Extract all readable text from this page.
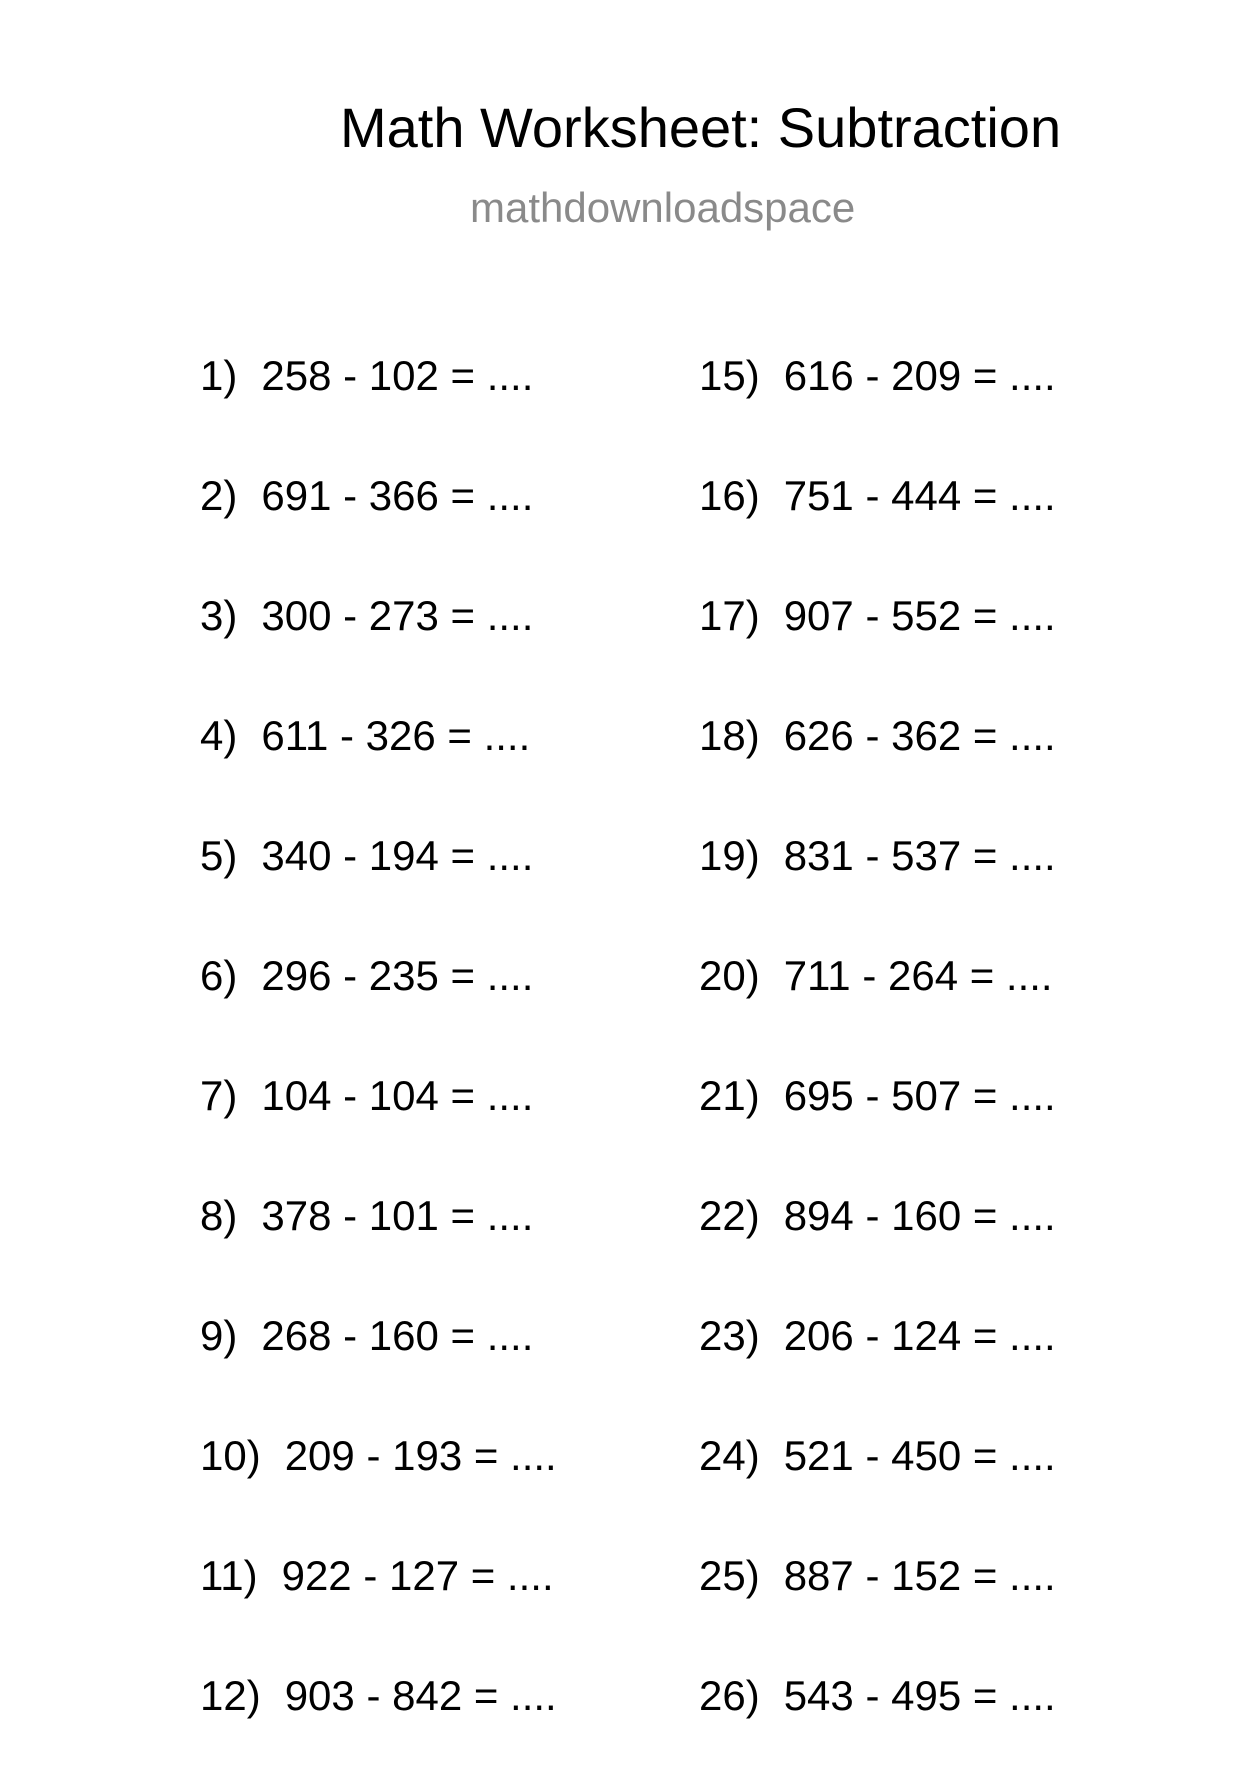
Math Worksheet: Subtraction
mathdownloadspace
1) 258 - 102 = ....
2) 691 - 366 = ....
3) 300 - 273 = ....
4) 611 - 326 = ....
5) 340 - 194 = ....
6) 296 - 235 = ....
7) 104 - 104 = ....
8) 378 - 101 = ....
9) 268 - 160 = ....
10) 209 - 193 = ....
11) 922 - 127 = ....
12) 903 - 842 = ....
15) 616 - 209 = ....
16) 751 - 444 = ....
17) 907 - 552 = ....
18) 626 - 362 = ....
19) 831 - 537 = ....
20) 711 - 264 = ....
21) 695 - 507 = ....
22) 894 - 160 = ....
23) 206 - 124 = ....
24) 521 - 450 = ....
25) 887 - 152 = ....
26) 543 - 495 = ....
